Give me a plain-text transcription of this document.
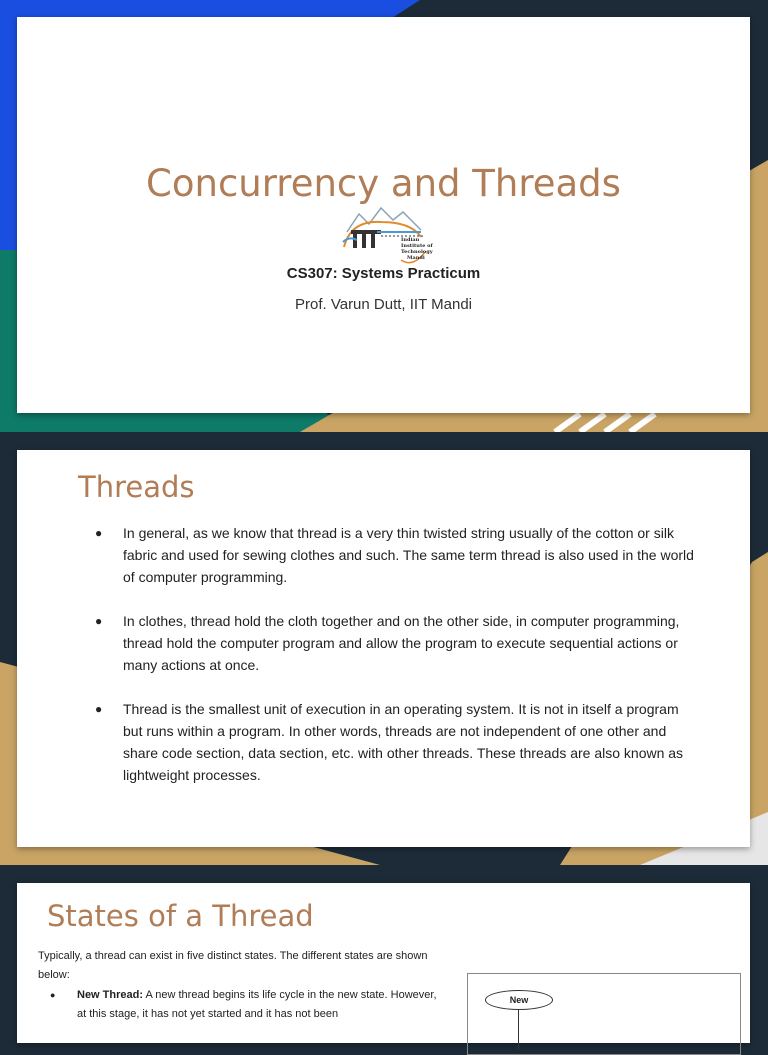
Concurrency and Threads
Indian
Institute of
Technology
Mandi
CS307: Systems Practicum
Prof. Varun Dutt, IIT Mandi
Threads
● In general, as we know that thread is a very thin twisted string usually of the cotton or silk fabric and used for sewing clothes and such. The same term thread is also used in the world of computer programming.
● In clothes, thread hold the cloth together and on the other side, in computer programming, thread hold the computer program and allow the program to execute sequential actions or many actions at once.
● Thread is the smallest unit of execution in an operating system. It is not in itself a program but runs within a program. In other words, threads are not independent of one other and share code section, data section, etc. with other threads. These threads are also known as lightweight processes.
States of a Thread
Typically, a thread can exist in five distinct states. The different states are shown below:
● New Thread: A new thread begins its life cycle in the new state. However, at this stage, it has not yet started and it has not been
New
